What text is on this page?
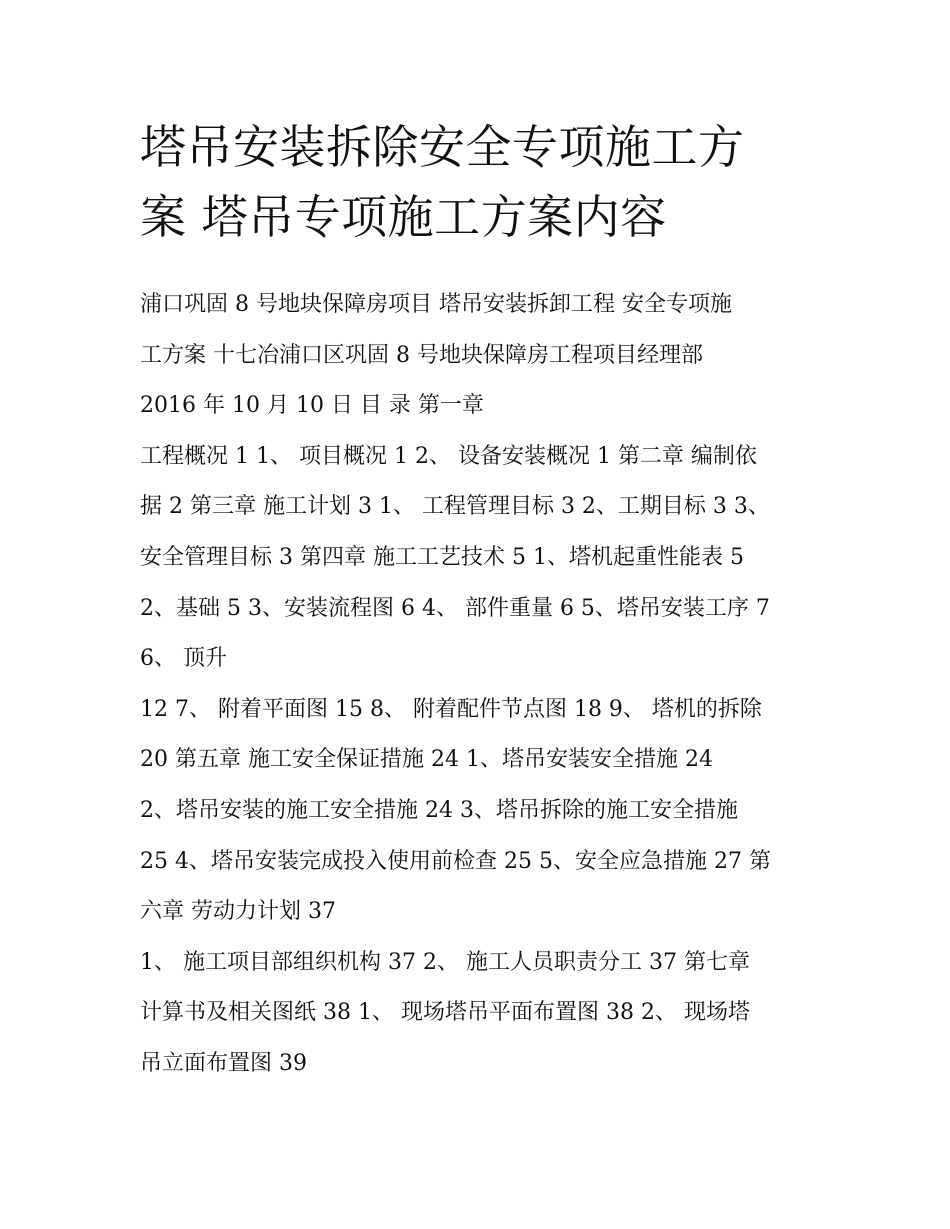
塔吊安装拆除安全专项施工方
案 塔吊专项施工方案内容
浦口巩固 8 号地块保障房项目 塔吊安装拆卸工程 安全专项施
工方案 十七冶浦口区巩固 8 号地块保障房工程项目经理部
2016 年 10 月 10 日 目 录 第一章
工程概况 1 1、 项目概况 1 2、 设备安装概况 1 第二章 编制依
据 2 第三章 施工计划 3 1、 工程管理目标 3 2、工期目标 3 3、
安全管理目标 3 第四章 施工工艺技术 5 1、塔机起重性能表 5
2、基础 5 3、安装流程图 6 4、 部件重量 6 5、塔吊安装工序 7
6、 顶升
12 7、 附着平面图 15 8、 附着配件节点图 18 9、 塔机的拆除
20 第五章 施工安全保证措施 24 1、塔吊安装安全措施 24
2、塔吊安装的施工安全措施 24 3、塔吊拆除的施工安全措施
25 4、塔吊安装完成投入使用前检查 25 5、安全应急措施 27 第
六章 劳动力计划 37
1、 施工项目部组织机构 37 2、 施工人员职责分工 37 第七章
计算书及相关图纸 38 1、 现场塔吊平面布置图 38 2、 现场塔
吊立面布置图 39
